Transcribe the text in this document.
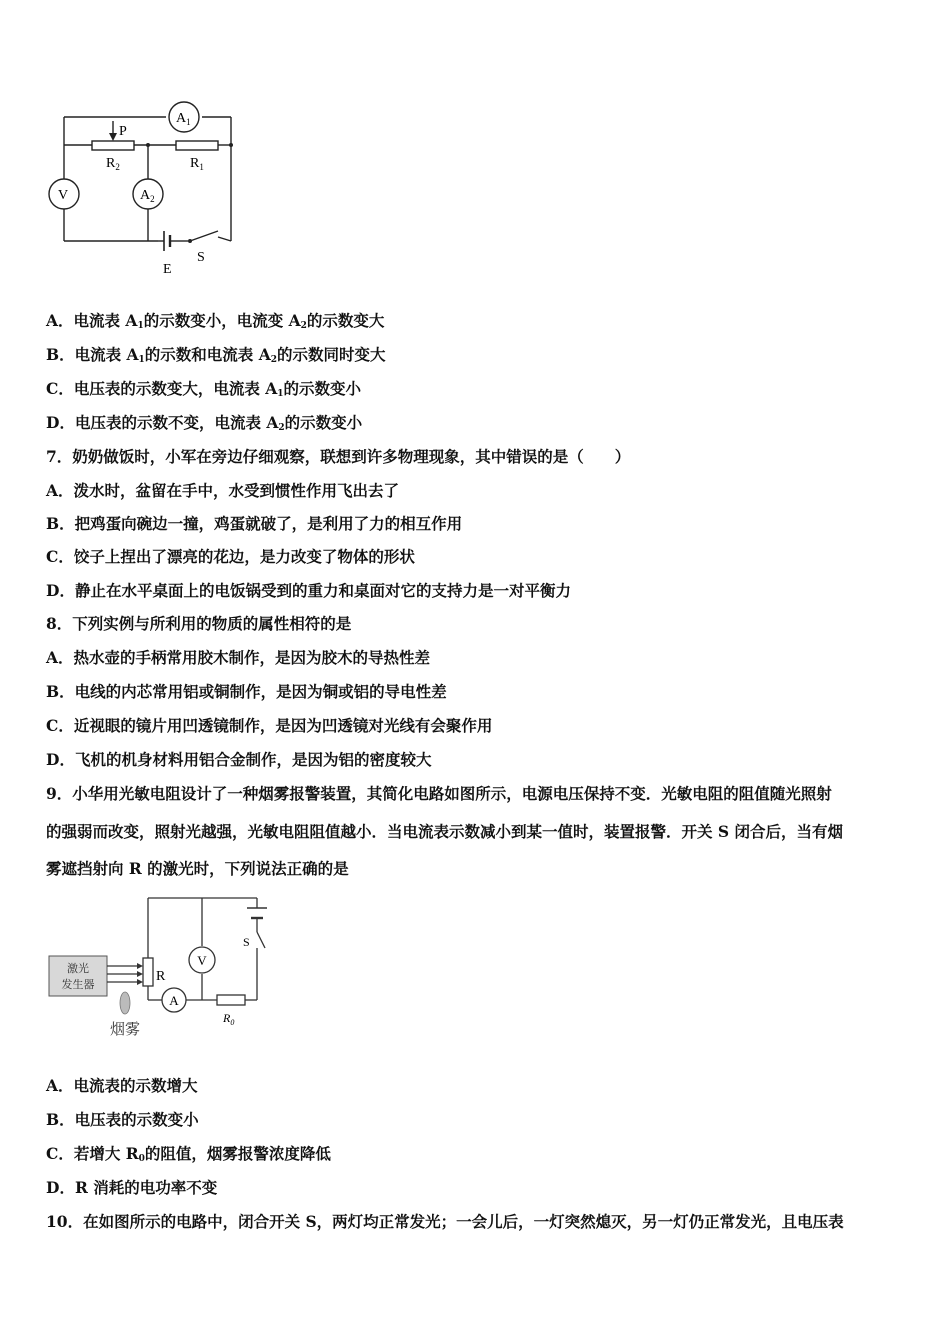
$A_1$
V	$A_2$
P
$R_2$	$R_1$
E
S
A．电流表 $A_1$的示数变小，电流变 $A_2$的示数变大
B．电流表 $A_1$的示数和电流表 $A_2$的示数同时变大
C．电压表的示数变大，电流表 $A_1$的示数变小
D．电压表的示数不变，电流表 $A_2$的示数变小
7．奶奶做饭时，小军在旁边仔细观察，联想到许多物理现象，其中错误的是（　　）
A．泼水时，盆留在手中，水受到惯性作用飞出去了
B．把鸡蛋向碗边一撞，鸡蛋就破了，是利用了力的相互作用
C．饺子上捏出了漂亮的花边，是力改变了物体的形状
D．静止在水平桌面上的电饭锅受到的重力和桌面对它的支持力是一对平衡力
8．下列实例与所利用的物质的属性相符的是
A．热水壶的手柄常用胶木制作，是因为胶木的导热性差
B．电线的内芯常用铝或铜制作，是因为铜或铝的导电性差
C．近视眼的镜片用凹透镜制作，是因为凹透镜对光线有会聚作用
D．飞机的机身材料用铝合金制作，是因为铝的密度较大
9．小华用光敏电阻设计了一种烟雾报警装置，其简化电路如图所示，电源电压保持不变．光敏电阻的阻值随光照射
的强弱而改变，照射光越强，光敏电阻阻值越小．当电流表示数减小到某一值时，装置报警．开关 S 闭合后，当有烟
雾遮挡射向 R 的激光时，下列说法正确的是
激光
发生器
V
A
R
S
$R_0$
烟雾
A．电流表的示数增大
B．电压表的示数变小
C．若增大 $R_0$的阻值，烟雾报警浓度降低
D．R 消耗的电功率不变
10．在如图所示的电路中，闭合开关 S，两灯均正常发光；一会儿后，一灯突然熄灭，另一灯仍正常发光，且电压表
